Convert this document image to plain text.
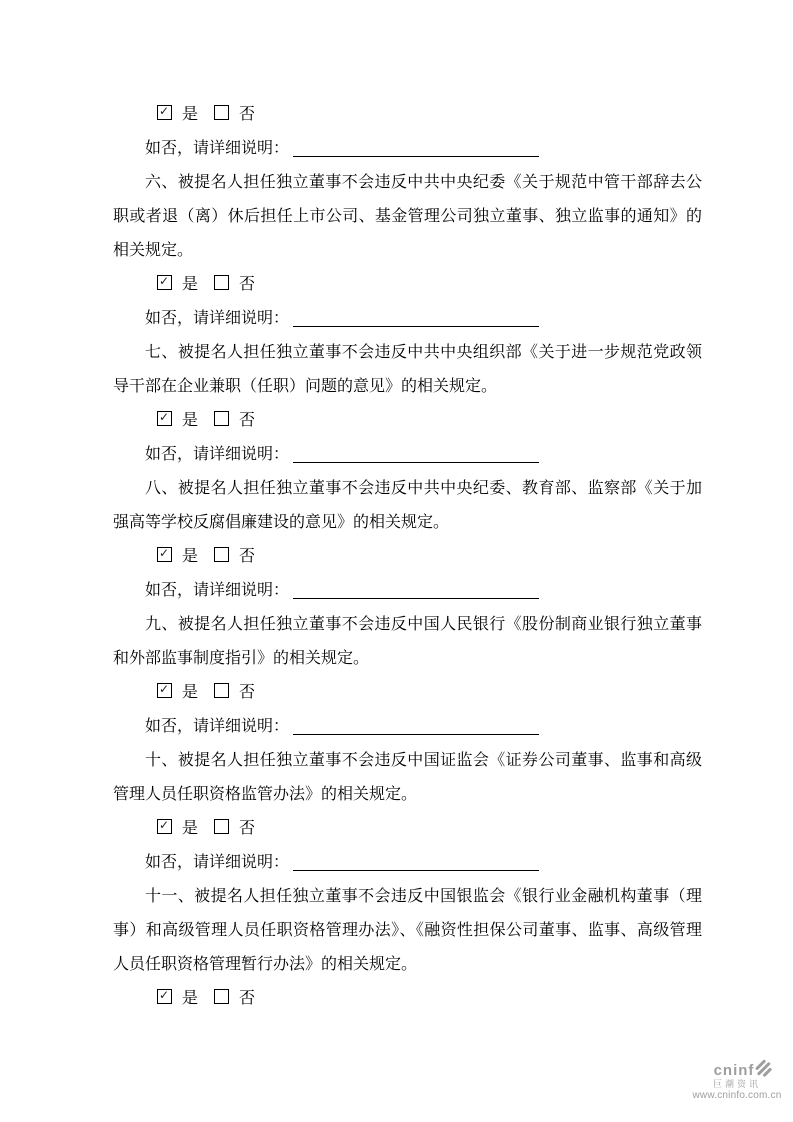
✓ 是	否
如否，请详细说明：

六、被提名人担任独立董事不会违反中共中央纪委《关于规范中管干部辞去公职或者退（离）休后担任上市公司、基金管理公司独立董事、独立监事的通知》的相关规定。

✓ 是	否
如否，请详细说明：

七、被提名人担任独立董事不会违反中共中央组织部《关于进一步规范党政领导干部在企业兼职（任职）问题的意见》的相关规定。

✓ 是	否
如否，请详细说明：

八、被提名人担任独立董事不会违反中共中央纪委、教育部、监察部《关于加强高等学校反腐倡廉建设的意见》的相关规定。

✓ 是	否
如否，请详细说明：

九、被提名人担任独立董事不会违反中国人民银行《股份制商业银行独立董事和外部监事制度指引》的相关规定。

✓ 是	否
如否，请详细说明：

十、被提名人担任独立董事不会违反中国证监会《证券公司董事、监事和高级管理人员任职资格监管办法》的相关规定。

✓ 是	否
如否，请详细说明：

十一、被提名人担任独立董事不会违反中国银监会《银行业金融机构董事（理事）和高级管理人员任职资格管理办法》、《融资性担保公司董事、监事、高级管理人员任职资格管理暂行办法》的相关规定。

✓ 是	否
cninf
巨潮资讯
www.cninfo.com.cn
